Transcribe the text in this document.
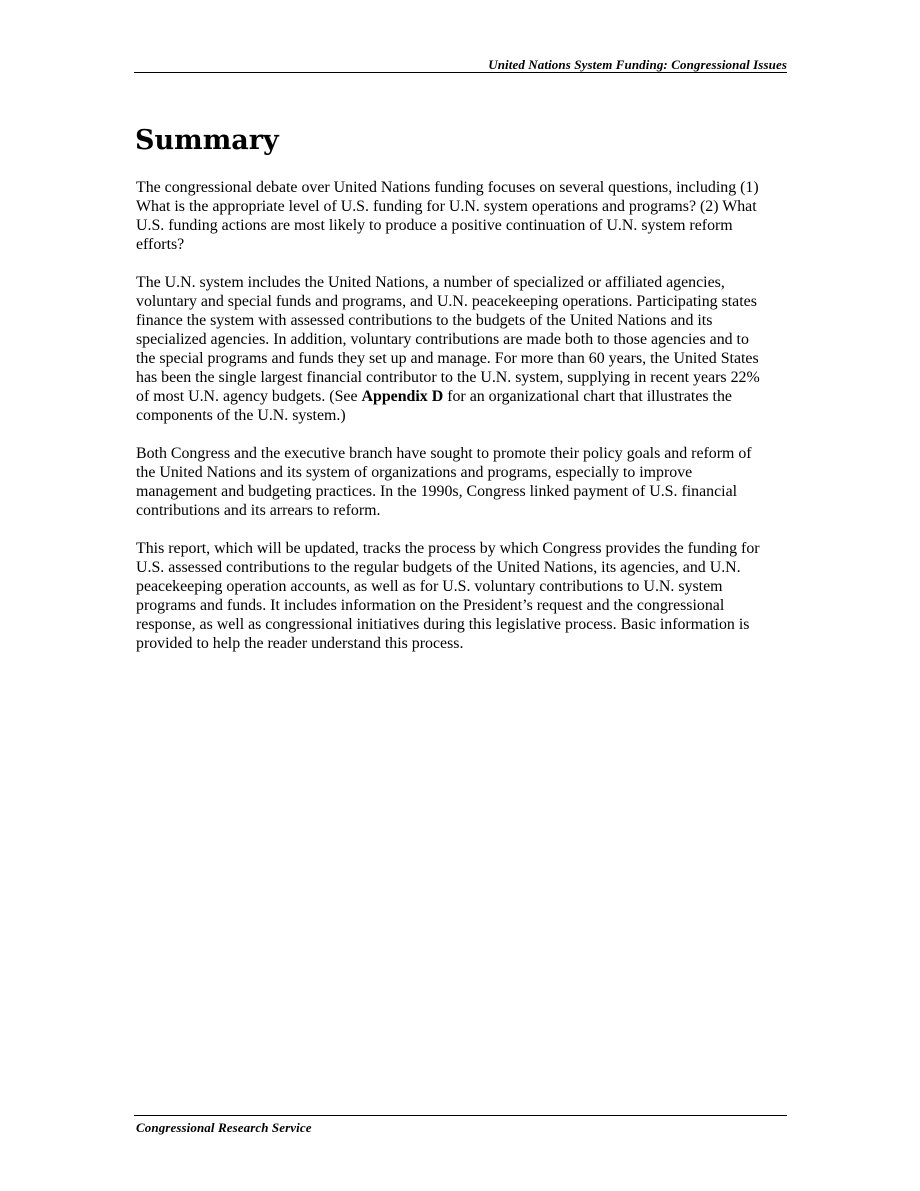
United Nations System Funding: Congressional Issues
Summary

The congressional debate over United Nations funding focuses on several questions, including (1)
What is the appropriate level of U.S. funding for U.N. system operations and programs? (2) What
U.S. funding actions are most likely to produce a positive continuation of U.N. system reform
efforts?

The U.N. system includes the United Nations, a number of specialized or affiliated agencies,
voluntary and special funds and programs, and U.N. peacekeeping operations. Participating states
finance the system with assessed contributions to the budgets of the United Nations and its
specialized agencies. In addition, voluntary contributions are made both to those agencies and to
the special programs and funds they set up and manage. For more than 60 years, the United States
has been the single largest financial contributor to the U.N. system, supplying in recent years 22%
of most U.N. agency budgets. (See Appendix D for an organizational chart that illustrates the
components of the U.N. system.)

Both Congress and the executive branch have sought to promote their policy goals and reform of
the United Nations and its system of organizations and programs, especially to improve
management and budgeting practices. In the 1990s, Congress linked payment of U.S. financial
contributions and its arrears to reform.

This report, which will be updated, tracks the process by which Congress provides the funding for
U.S. assessed contributions to the regular budgets of the United Nations, its agencies, and U.N.
peacekeeping operation accounts, as well as for U.S. voluntary contributions to U.N. system
programs and funds. It includes information on the President’s request and the congressional
response, as well as congressional initiatives during this legislative process. Basic information is
provided to help the reader understand this process.

Congressional Research Service
